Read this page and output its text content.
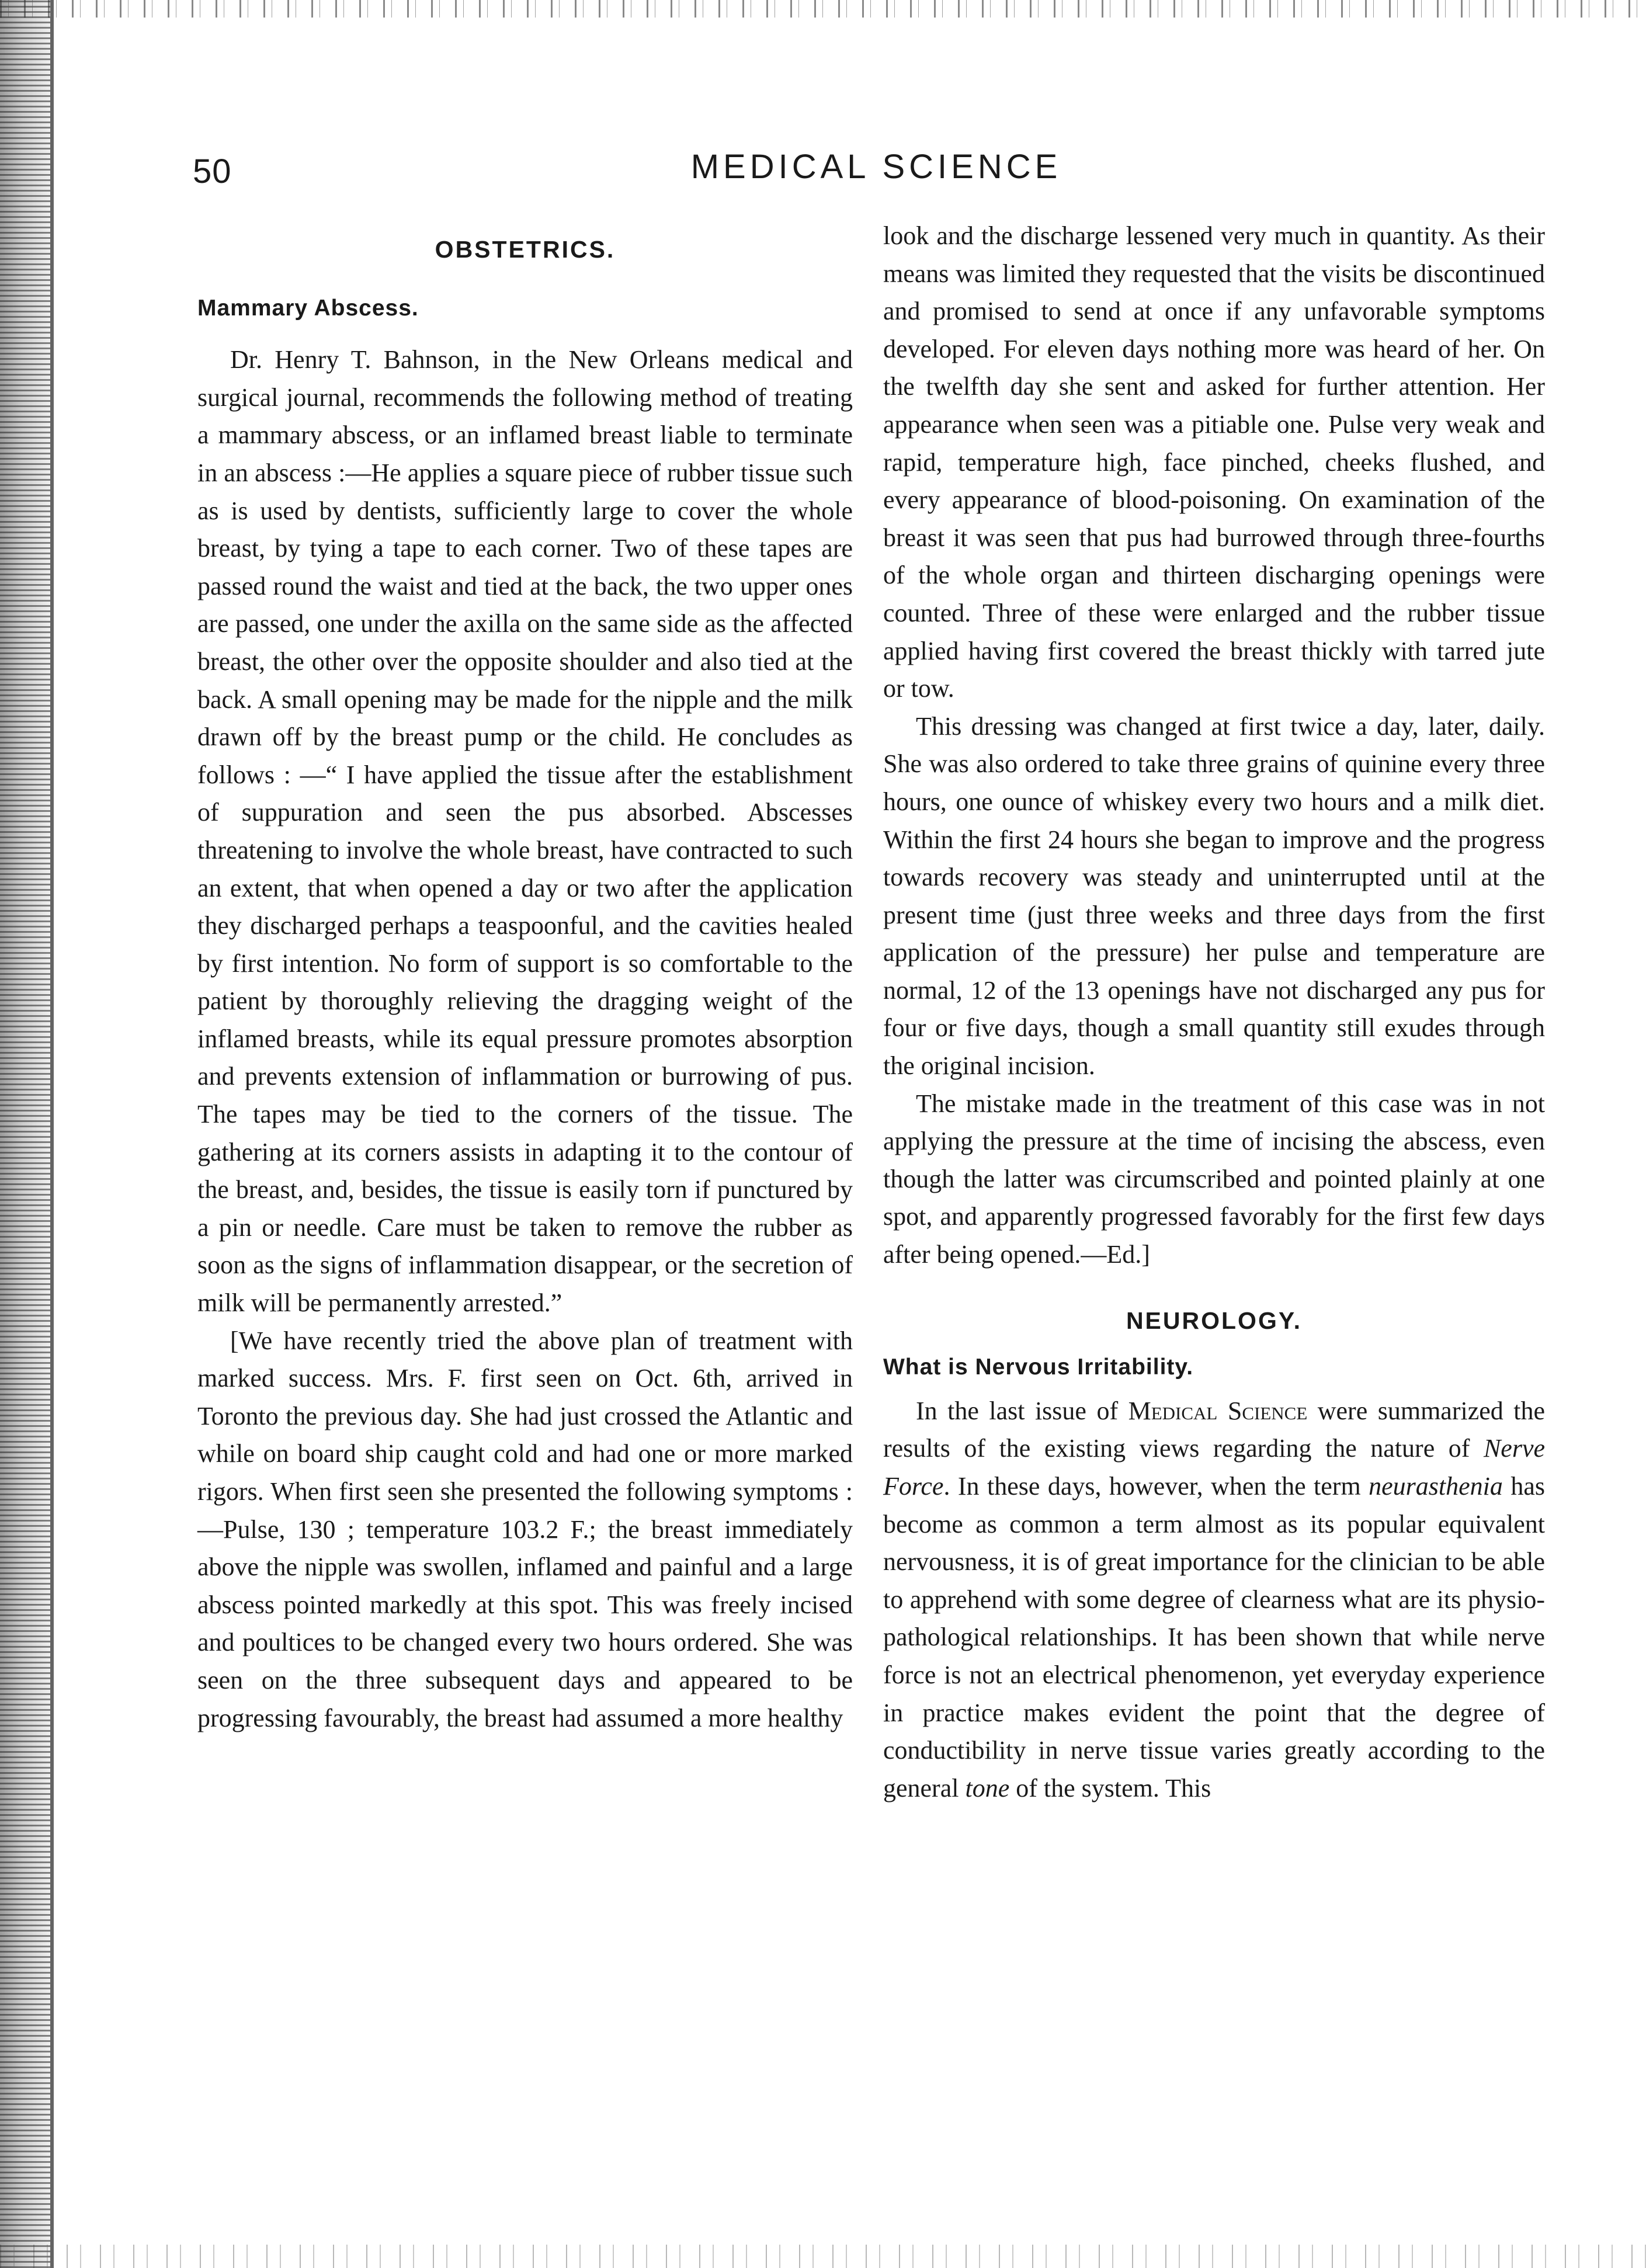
50	MEDICAL SCIENCE
OBSTETRICS.
Mammary Abscess.

Dr. Henry T. Bahnson, in the New Orleans medical and surgical journal, recommends the following method of treating a mammary abscess, or an inflamed breast liable to terminate in an abscess :—He applies a square piece of rubber tissue such as is used by dentists, sufficiently large to cover the whole breast, by tying a tape to each corner. Two of these tapes are passed round the waist and tied at the back, the two upper ones are passed, one under the axilla on the same side as the affected breast, the other over the opposite shoulder and also tied at the back. A small opening may be made for the nipple and the milk drawn off by the breast pump or the child. He concludes as follows : —“ I have applied the tissue after the establishment of suppuration and seen the pus absorbed. Abscesses threatening to involve the whole breast, have contracted to such an extent, that when opened a day or two after the application they discharged perhaps a teaspoonful, and the cavities healed by first intention. No form of support is so comfortable to the patient by thoroughly relieving the dragging weight of the inflamed breasts, while its equal pressure promotes absorption and prevents extension of inflammation or burrowing of pus. The tapes may be tied to the corners of the tissue. The gathering at its corners assists in adapting it to the contour of the breast, and, besides, the tissue is easily torn if punctured by a pin or needle. Care must be taken to remove the rubber as soon as the signs of inflammation disappear, or the secretion of milk will be permanently arrested.”

[We have recently tried the above plan of treatment with marked success. Mrs. F. first seen on Oct. 6th, arrived in Toronto the previous day. She had just crossed the Atlantic and while on board ship caught cold and had one or more marked rigors. When first seen she presented the following symptoms :—Pulse, 130 ; temperature 103.2 F.; the breast immediately above the nipple was swollen, inflamed and painful and a large abscess pointed markedly at this spot. This was freely incised and poultices to be changed every two hours ordered. She was seen on the three subsequent days and appeared to be progressing favourably, the breast had assumed a more healthy

look and the discharge lessened very much in quantity. As their means was limited they requested that the visits be discontinued and promised to send at once if any unfavorable symptoms developed. For eleven days nothing more was heard of her. On the twelfth day she sent and asked for further attention. Her appearance when seen was a pitiable one. Pulse very weak and rapid, temperature high, face pinched, cheeks flushed, and every appearance of blood-poisoning. On examination of the breast it was seen that pus had burrowed through three-fourths of the whole organ and thirteen discharging openings were counted. Three of these were enlarged and the rubber tissue applied having first covered the breast thickly with tarred jute or tow.

This dressing was changed at first twice a day, later, daily. She was also ordered to take three grains of quinine every three hours, one ounce of whiskey every two hours and a milk diet. Within the first 24 hours she began to improve and the progress towards recovery was steady and uninterrupted until at the present time (just three weeks and three days from the first application of the pressure) her pulse and temperature are normal, 12 of the 13 openings have not discharged any pus for four or five days, though a small quantity still exudes through the original incision.

The mistake made in the treatment of this case was in not applying the pressure at the time of incising the abscess, even though the latter was circumscribed and pointed plainly at one spot, and apparently progressed favorably for the first few days after being opened.—Ed.]

NEUROLOGY.
What is Nervous Irritability.

In the last issue of Medical Science were summarized the results of the existing views regarding the nature of Nerve Force. In these days, however, when the term neurasthenia has become as common a term almost as its popular equivalent nervousness, it is of great importance for the clinician to be able to apprehend with some degree of clearness what are its physio-pathological relationships. It has been shown that while nerve force is not an electrical phenomenon, yet everyday experience in practice makes evident the point that the degree of conductibility in nerve tissue varies greatly according to the general tone of the system. This
